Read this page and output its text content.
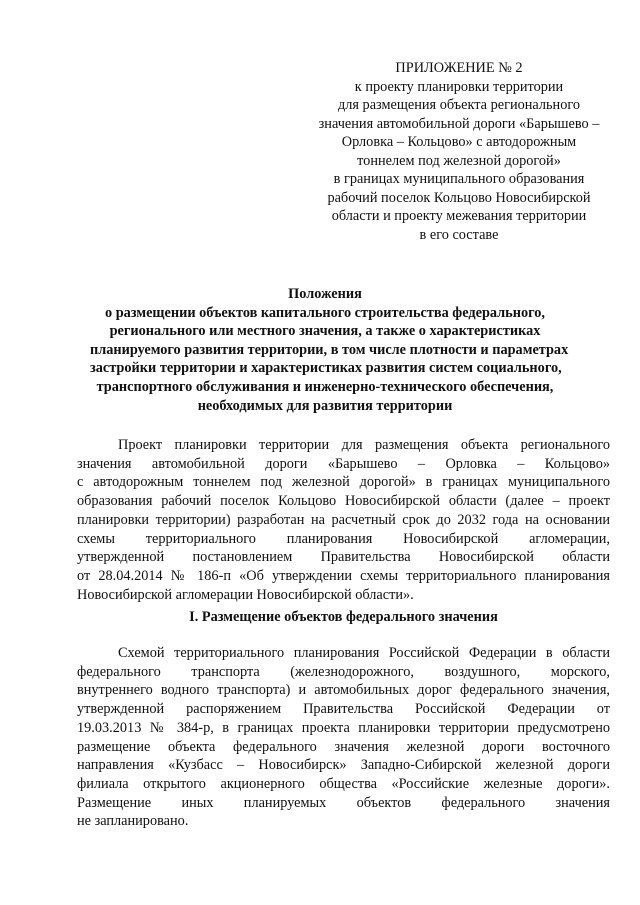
ПРИЛОЖЕНИЕ № 2
к проекту планировки территории
для размещения объекта регионального
значения автомобильной дороги «Барышево –
Орловка – Кольцово» с автодорожным
тоннелем под железной дорогой»
в границах муниципального образования
рабочий поселок Кольцово Новосибирской
области и проекту межевания территории
в его составе
Положения
о размещении объектов капитального строительства федерального,
регионального или местного значения, а также о характеристиках
планируемого развития территории, в том числе плотности и параметрах
застройки территории и характеристиках развития систем социального,
транспортного обслуживания и инженерно-технического обеспечения,
необходимых для развития территории
Проект планировки территории для размещения объекта регионального
значения автомобильной дороги «Барышево – Орловка – Кольцово»
с автодорожным тоннелем под железной дорогой» в границах муниципального
образования рабочий поселок Кольцово Новосибирской области (далее – проект
планировки территории) разработан на расчетный срок до 2032 года на основании
схемы территориального планирования Новосибирской агломерации,
утвержденной постановлением Правительства Новосибирской области
от 28.04.2014 № 186-п «Об утверждении схемы территориального планирования
Новосибирской агломерации Новосибирской области».
I. Размещение объектов федерального значения
Схемой территориального планирования Российской Федерации в области
федерального транспорта (железнодорожного, воздушного, морского,
внутреннего водного транспорта) и автомобильных дорог федерального значения,
утвержденной распоряжением Правительства Российской Федерации от
19.03.2013 № 384-р, в границах проекта планировки территории предусмотрено
размещение объекта федерального значения железной дороги восточного
направления «Кузбасс – Новосибирск» Западно-Сибирской железной дороги
филиала открытого акционерного общества «Российские железные дороги».
Размещение иных планируемых объектов федерального значения
не запланировано.
